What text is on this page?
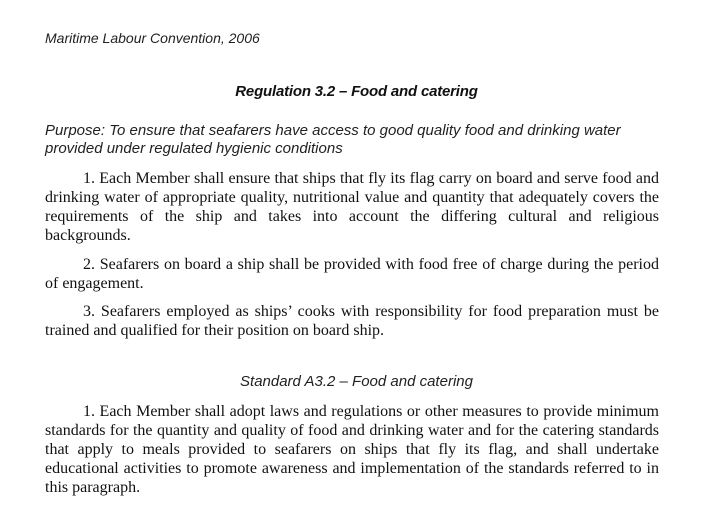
Maritime Labour Convention, 2006
Regulation 3.2 – Food and catering
Purpose: To ensure that seafarers have access to good quality food and drinking water provided under regulated hygienic conditions

1. Each Member shall ensure that ships that fly its flag carry on board and serve food and drinking water of appropriate quality, nutritional value and quantity that adequately covers the requirements of the ship and takes into account the differing cultural and religious backgrounds.

2. Seafarers on board a ship shall be provided with food free of charge during the period of engagement.

3. Seafarers employed as ships’ cooks with responsibility for food preparation must be trained and qualified for their position on board ship.

Standard A3.2 – Food and catering

1. Each Member shall adopt laws and regulations or other measures to provide minimum standards for the quantity and quality of food and drinking water and for the catering standards that apply to meals provided to seafarers on ships that fly its flag, and shall undertake educational activities to promote awareness and implementation of the standards referred to in this paragraph.
